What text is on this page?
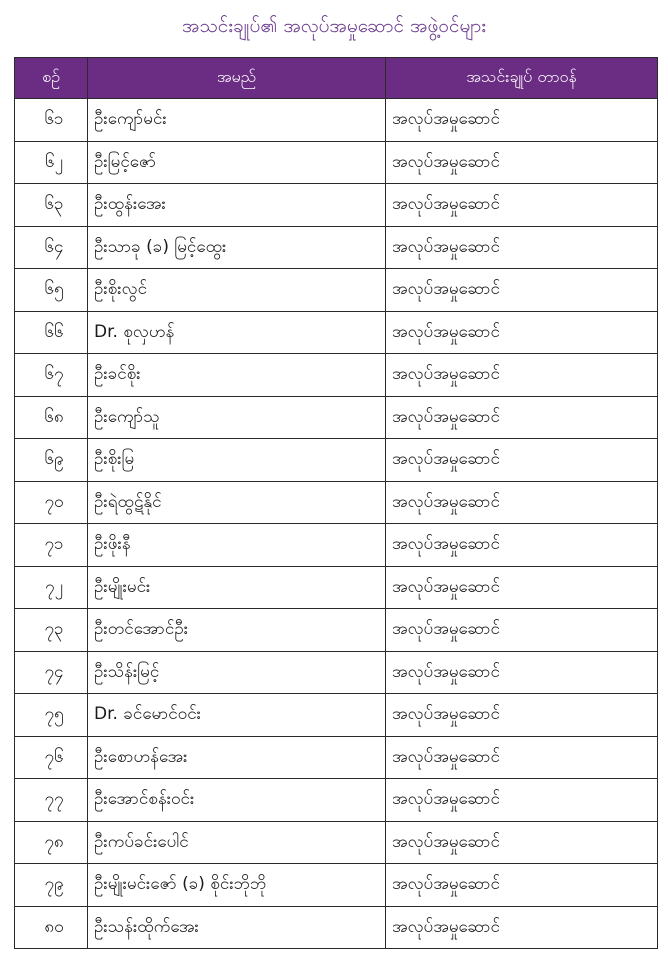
အသင်းချုပ်၏ အလုပ်အမှုဆောင် အဖွဲ့ဝင်များ
စဉ်	အမည်	အသင်းချုပ် တာဝန်
၆၁	ဦးကျော်မင်း	အလုပ်အမှုဆောင်
၆၂	ဦးမြင့်ဇော်	အလုပ်အမှုဆောင်
၆၃	ဦးထွန်းအေး	အလုပ်အမှုဆောင်
၆၄	ဦးသာခု (ခ) မြင့်ထွေး	အလုပ်အမှုဆောင်
၆၅	ဦးစိုးလွင်	အလုပ်အမှုဆောင်
၆၆	Dr. စုလှဟန်	အလုပ်အမှုဆောင်
၆၇	ဦးခင်စိုး	အလုပ်အမှုဆောင်
၆၈	ဦးကျော်သူ	အလုပ်အမှုဆောင်
၆၉	ဦးစိုးမြ	အလုပ်အမှုဆောင်
၇၀	ဦးရဲထွဋ်နိုင်	အလုပ်အမှုဆောင်
၇၁	ဦးဖိုးနီ	အလုပ်အမှုဆောင်
၇၂	ဦးမျိုးမင်း	အလုပ်အမှုဆောင်
၇၃	ဦးတင်အောင်ဦး	အလုပ်အမှုဆောင်
၇၄	ဦးသိန်းမြင့်	အလုပ်အမှုဆောင်
၇၅	Dr. ခင်မောင်ဝင်း	အလုပ်အမှုဆောင်
၇၆	ဦးစောဟန်အေး	အလုပ်အမှုဆောင်
၇၇	ဦးအောင်စန်းဝင်း	အလုပ်အမှုဆောင်
၇၈	ဦးကပ်ခင်းပေါင်	အလုပ်အမှုဆောင်
၇၉	ဦးမျိုးမင်းဇော် (ခ) စိုင်းဘိုဘို	အလုပ်အမှုဆောင်
၈၀	ဦးသန်းထိုက်အေး	အလုပ်အမှုဆောင်
